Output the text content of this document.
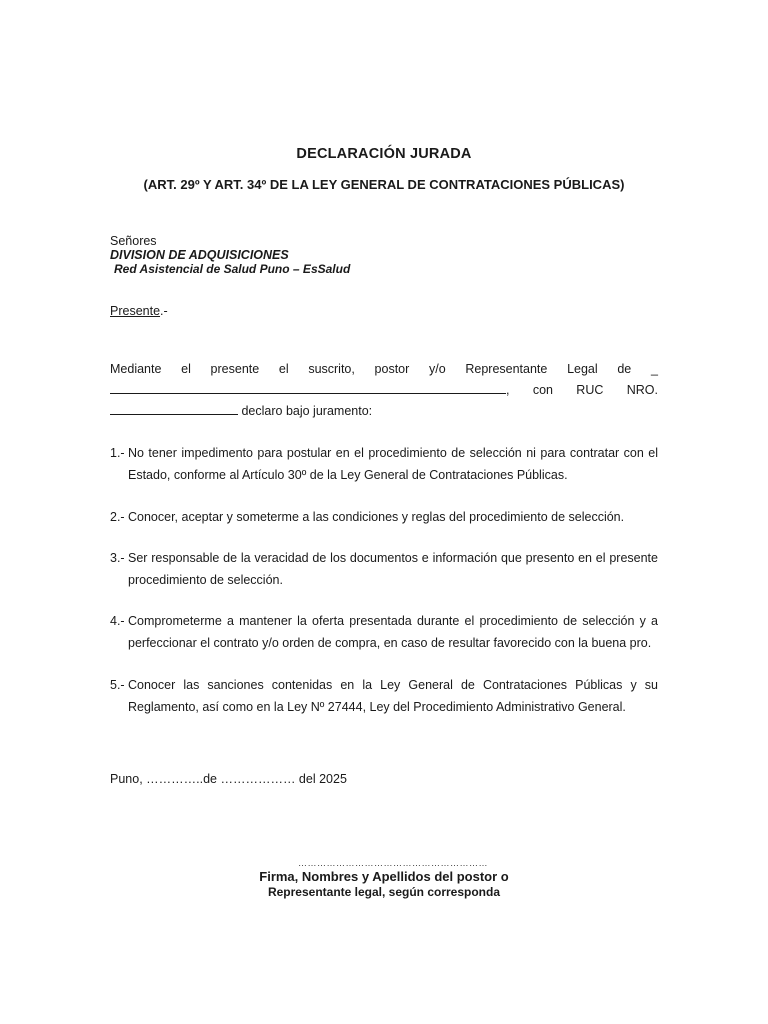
DECLARACIÓN JURADA
(ART. 29º Y ART. 34º DE LA LEY GENERAL DE CONTRATACIONES PÚBLICAS)
Señores
DIVISION DE ADQUISICIONES
Red Asistencial de Salud Puno – EsSalud
Presente.-
Mediante el presente el suscrito, postor y/o Representante Legal de _
, con RUC NRO.
declaro bajo juramento:
1.- No tener impedimento para postular en el procedimiento de selección ni para contratar con el Estado, conforme al Artículo 30º de la Ley General de Contrataciones Públicas.
2.- Conocer, aceptar y someterme a las condiciones y reglas del procedimiento de selección.
3.- Ser responsable de la veracidad de los documentos e información que presento en el presente procedimiento de selección.
4.- Comprometerme a mantener la oferta presentada durante el procedimiento de selección y a perfeccionar el contrato y/o orden de compra, en caso de resultar favorecido con la buena pro.
5.- Conocer las sanciones contenidas en la Ley General de Contrataciones Públicas y su Reglamento, así como en la Ley Nº 27444, Ley del Procedimiento Administrativo General.
Puno, …………..de ……………… del 2025
……………………………………………………
Firma, Nombres y Apellidos del postor o
Representante legal, según corresponda
